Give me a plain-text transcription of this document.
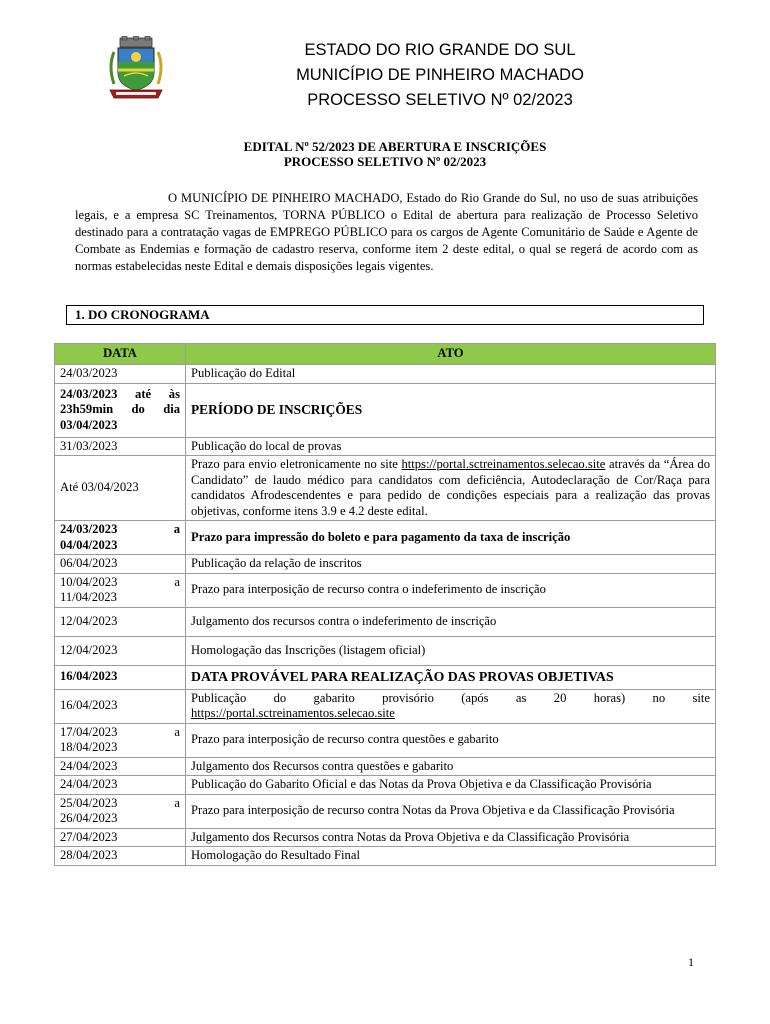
ESTADO DO RIO GRANDE DO SUL
MUNICÍPIO DE PINHEIRO MACHADO
PROCESSO SELETIVO Nº 02/2023
EDITAL Nº 52/2023 DE ABERTURA E INSCRIÇÕES
PROCESSO SELETIVO Nº 02/2023

O MUNICÍPIO DE PINHEIRO MACHADO, Estado do Rio Grande do Sul, no uso de suas atribuições legais, e a empresa SC Treinamentos, TORNA PÚBLICO o Edital de abertura para realização de Processo Seletivo destinado para a contratação vagas de EMPREGO PÚBLICO para os cargos de Agente Comunitário de Saúde e Agente de Combate as Endemias e formação de cadastro reserva, conforme item 2 deste edital, o qual se regerá de acordo com as normas estabelecidas neste Edital e demais disposições legais vigentes.

1. DO CRONOGRAMA
DATA	ATO
24/03/2023	Publicação do Edital
24/03/2023 até às 23h59min do dia 03/04/2023	PERÍODO DE INSCRIÇÕES
31/03/2023	Publicação do local de provas
Até 03/04/2023	Prazo para envio eletronicamente no site https://portal.sctreinamentos.selecao.site através da “Área do Candidato” de laudo médico para candidatos com deficiência, Autodeclaração de Cor/Raça para candidatos Afrodescendentes e para pedido de condições especiais para a realização das provas objetivas, conforme itens 3.9 e 4.2 deste edital.

24/03/2023 a
04/04/2023	Prazo para impressão do boleto e para pagamento da taxa de inscrição
06/04/2023	Publicação da relação de inscritos

10/04/2023 a
11/04/2023	Prazo para interposição de recurso contra o indeferimento de inscrição
12/04/2023	Julgamento dos recursos contra o indeferimento de inscrição
12/04/2023	Homologação das Inscrições (listagem oficial)
16/04/2023	DATA PROVÁVEL PARA REALIZAÇÃO DAS PROVAS OBJETIVAS
16/04/2023	Publicação do gabarito provisório (após as 20 horas) no site
https://portal.sctreinamentos.selecao.site

17/04/2023 a
18/04/2023	Prazo para interposição de recurso contra questões e gabarito
24/04/2023	Julgamento dos Recursos contra questões e gabarito
24/04/2023	Publicação do Gabarito Oficial e das Notas da Prova Objetiva e da Classificação Provisória

25/04/2023 a
26/04/2023	Prazo para interposição de recurso contra Notas da Prova Objetiva e da Classificação Provisória
27/04/2023	Julgamento dos Recursos contra Notas da Prova Objetiva e da Classificação Provisória
28/04/2023	Homologação do Resultado Final
1
